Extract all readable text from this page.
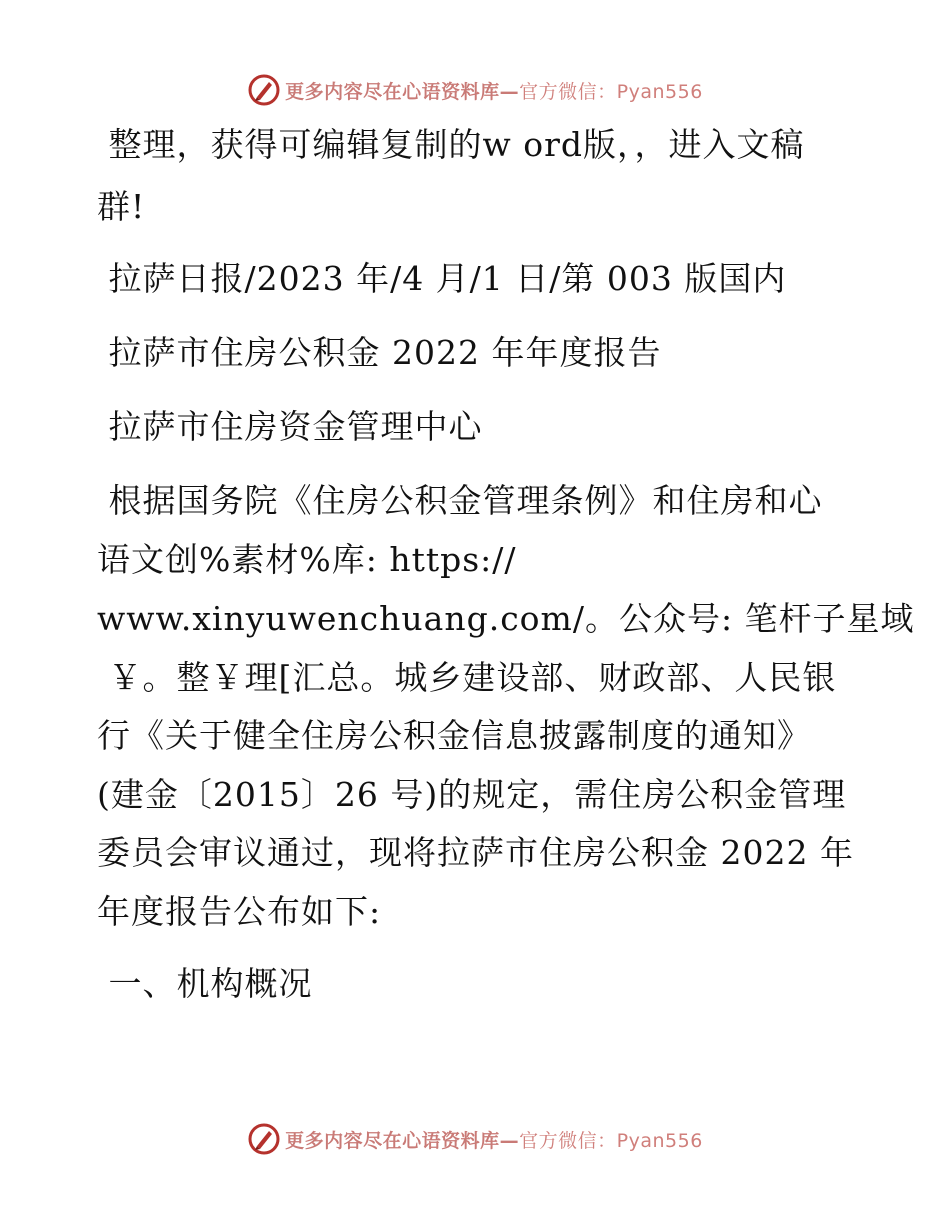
更多内容尽在心语资料库— 官方微信：Pyan556
整理，获得可编辑复制的w ord版，，进入文稿
群!
拉萨日报/2023 年/4 月/1 日/第 003 版国内
拉萨市住房公积金 2022 年年度报告
拉萨市住房资金管理中心
根据国务院《住房公积金管理条例》和住房和心
语文创%素材%库: https://
www.xinyuwenchuang.com/。公众号: 笔杆子星域
￥。整￥理[汇总。城乡建设部、财政部、人民银
行《关于健全住房公积金信息披露制度的通知》
(建金〔2015〕26 号)的规定，需住房公积金管理
委员会审议通过，现将拉萨市住房公积金 2022 年
年度报告公布如下:
一、机构概况
更多内容尽在心语资料库— 官方微信：Pyan556
